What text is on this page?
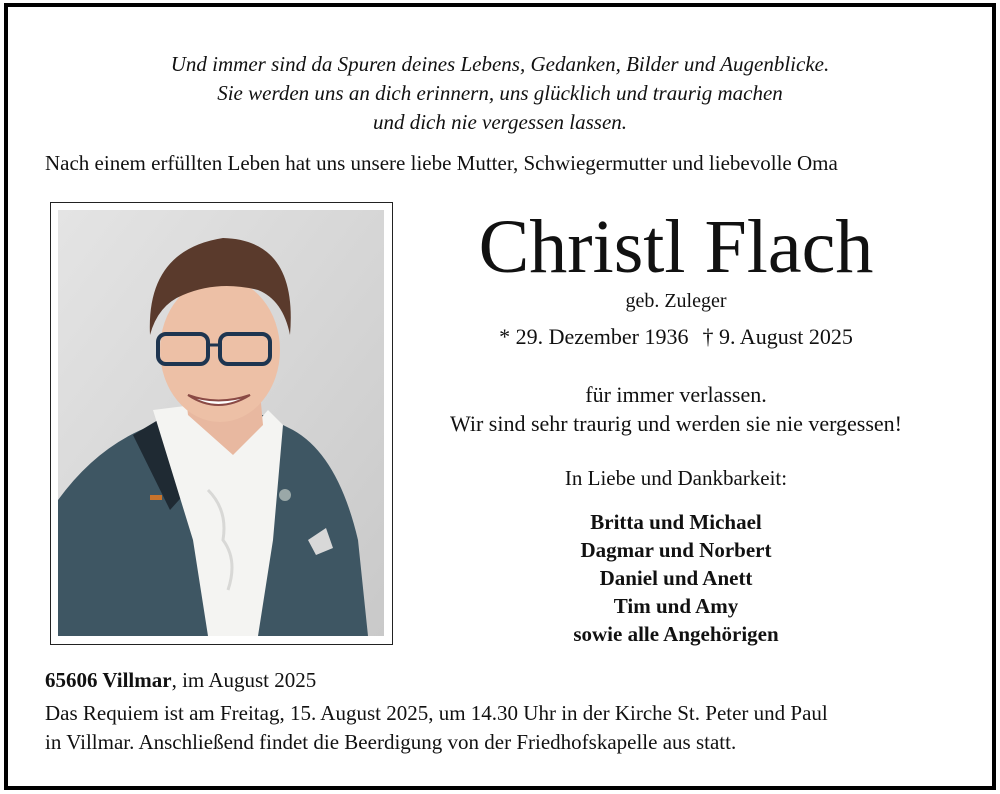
Und immer sind da Spuren deines Lebens, Gedanken, Bilder und Augenblicke.
Sie werden uns an dich erinnern, uns glücklich und traurig machen
und dich nie vergessen lassen.
Nach einem erfüllten Leben hat uns unsere liebe Mutter, Schwiegermutter und liebevolle Oma
Christl Flach
geb. Zuleger
* 29. Dezember 1936 † 9. August 2025
für immer verlassen.
Wir sind sehr traurig und werden sie nie vergessen!
In Liebe und Dankbarkeit:
Britta und Michael
Dagmar und Norbert
Daniel und Anett
Tim und Amy
sowie alle Angehörigen
65606 Villmar, im August 2025
Das Requiem ist am Freitag, 15. August 2025, um 14.30 Uhr in der Kirche St. Peter und Paul
in Villmar. Anschließend findet die Beerdigung von der Friedhofskapelle aus statt.
